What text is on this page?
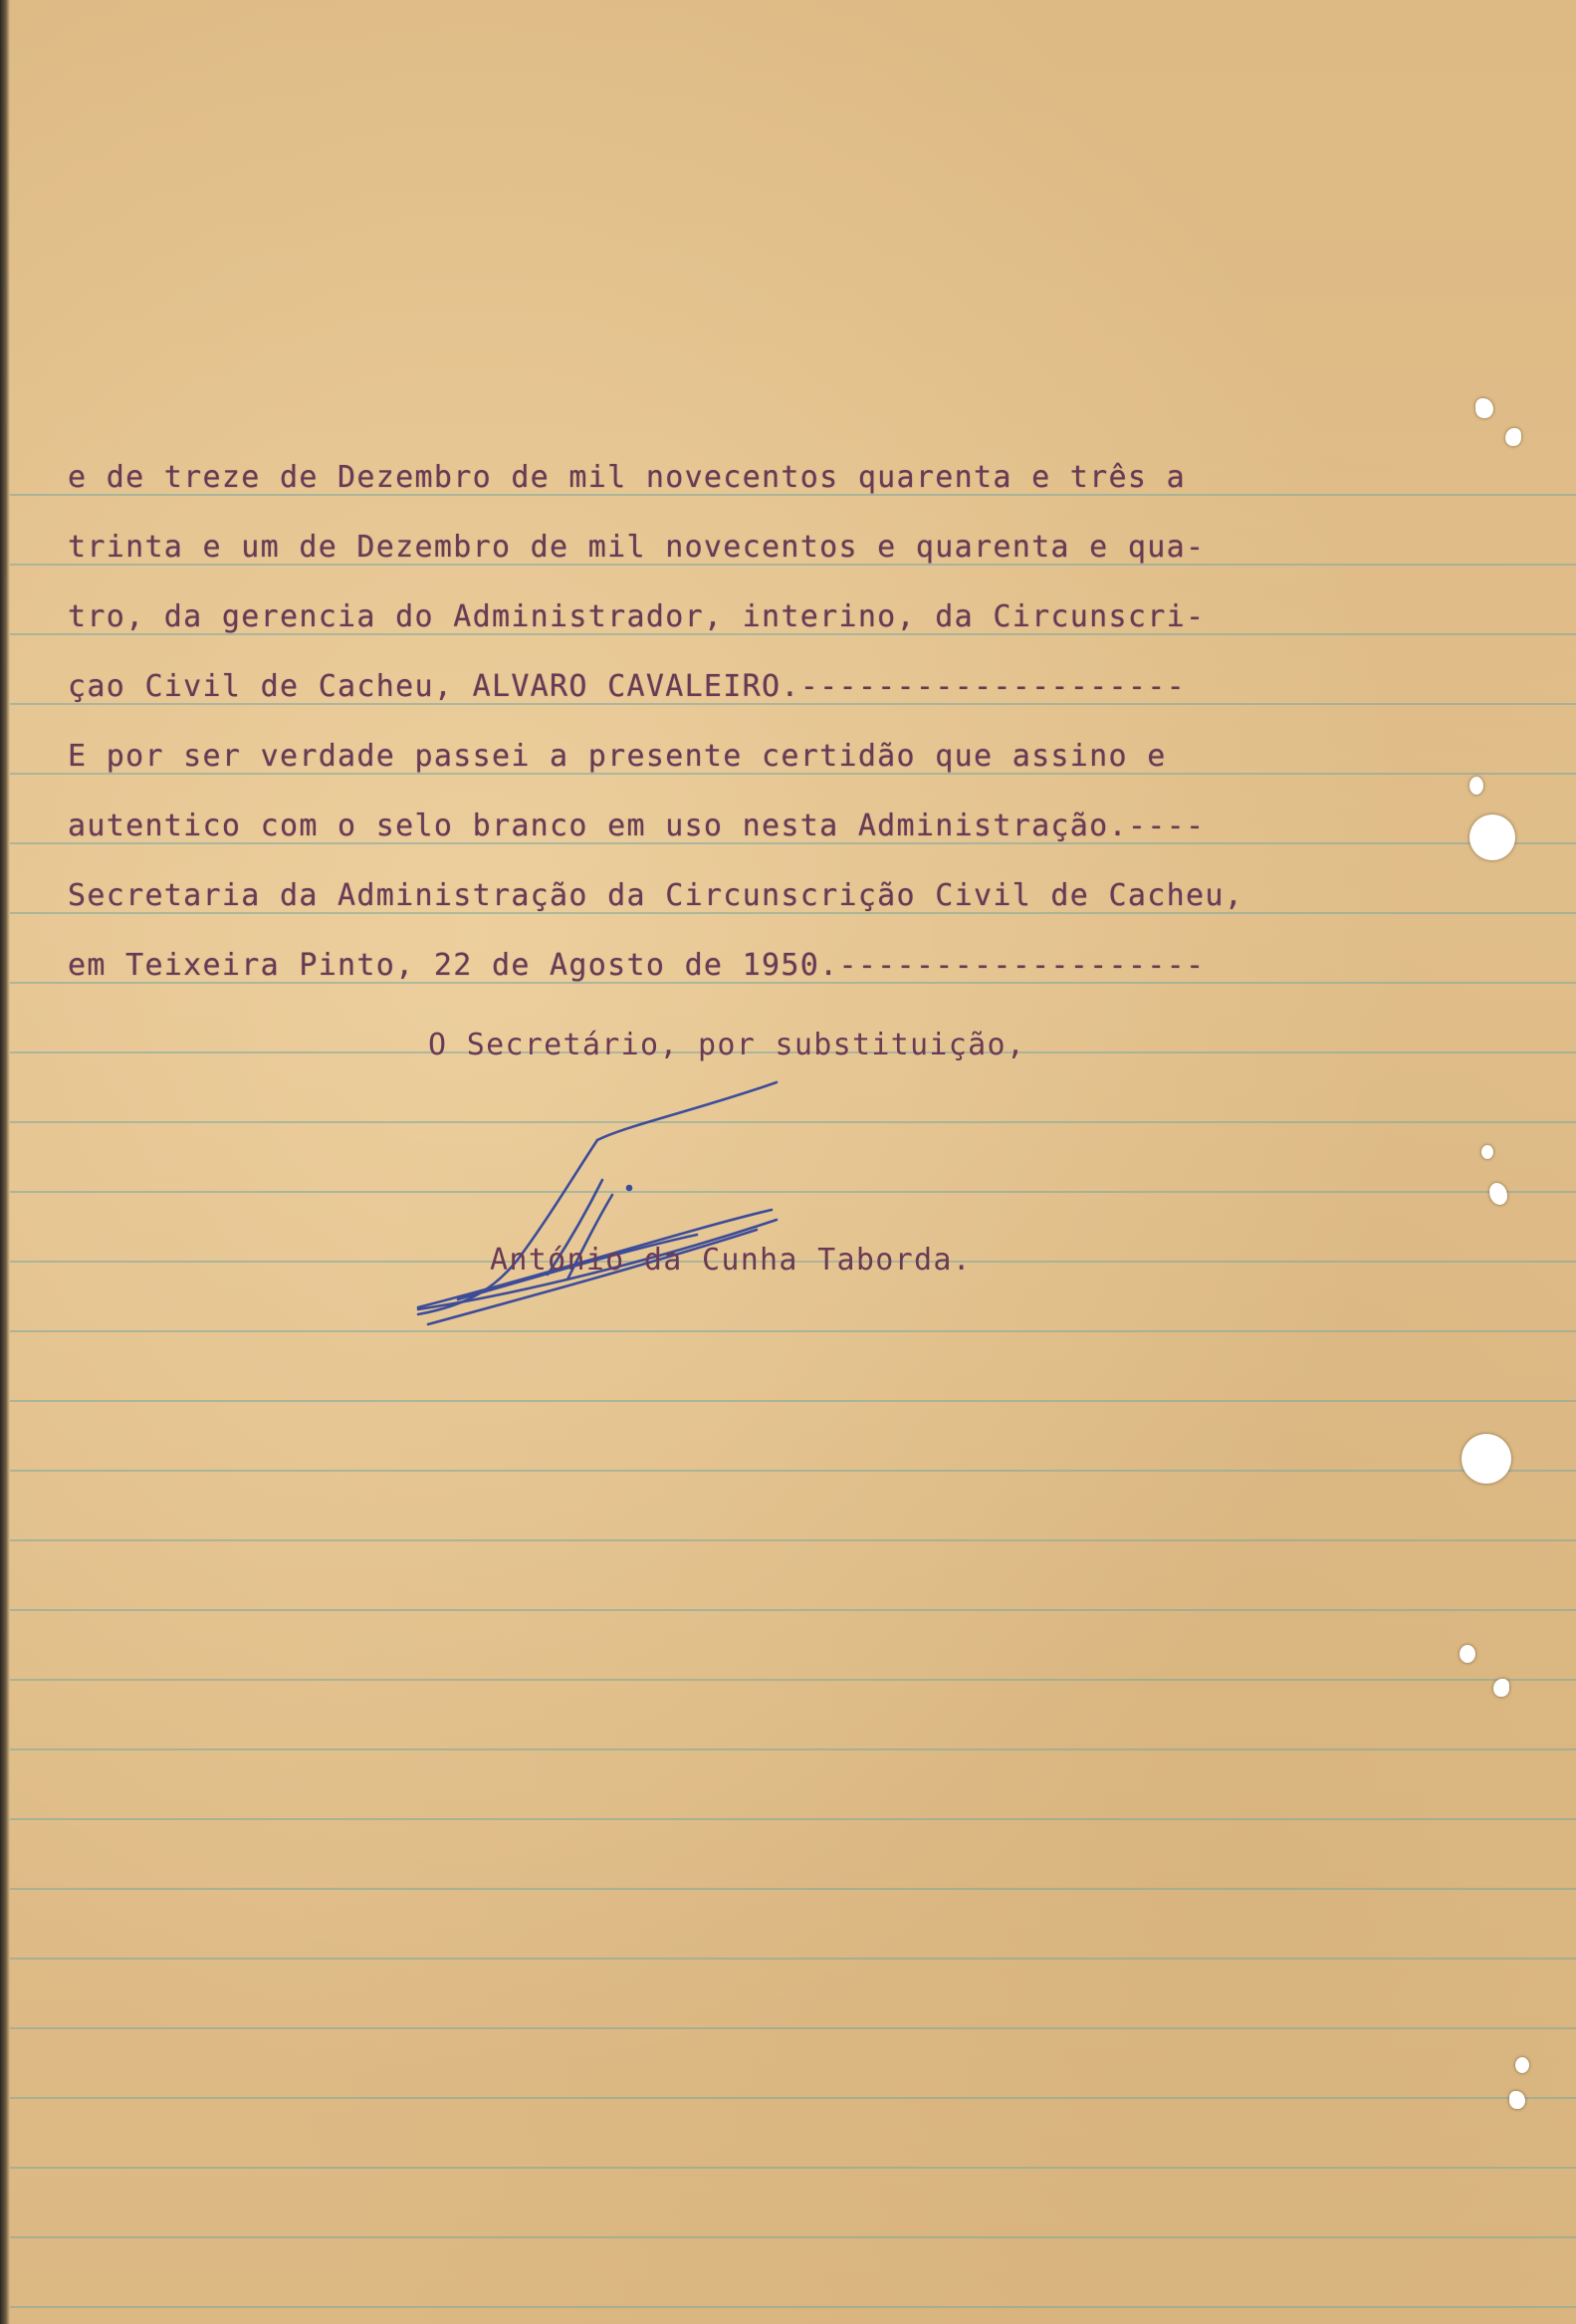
e de treze de Dezembro de mil novecentos quarenta e três a
trinta e um de Dezembro de mil novecentos e quarenta e qua-
tro, da gerencia do Administrador, interino, da Circunscri-
çao Civil de Cacheu, ALVARO CAVALEIRO.--------------------
E por ser verdade passei a presente certidão que assino e
autentico com o selo branco em uso nesta Administração.----
Secretaria da Administração da Circunscrição Civil de Cacheu,
em Teixeira Pinto, 22 de Agosto de 1950.-------------------
O Secretário, por substituição,
António da Cunha Taborda.
